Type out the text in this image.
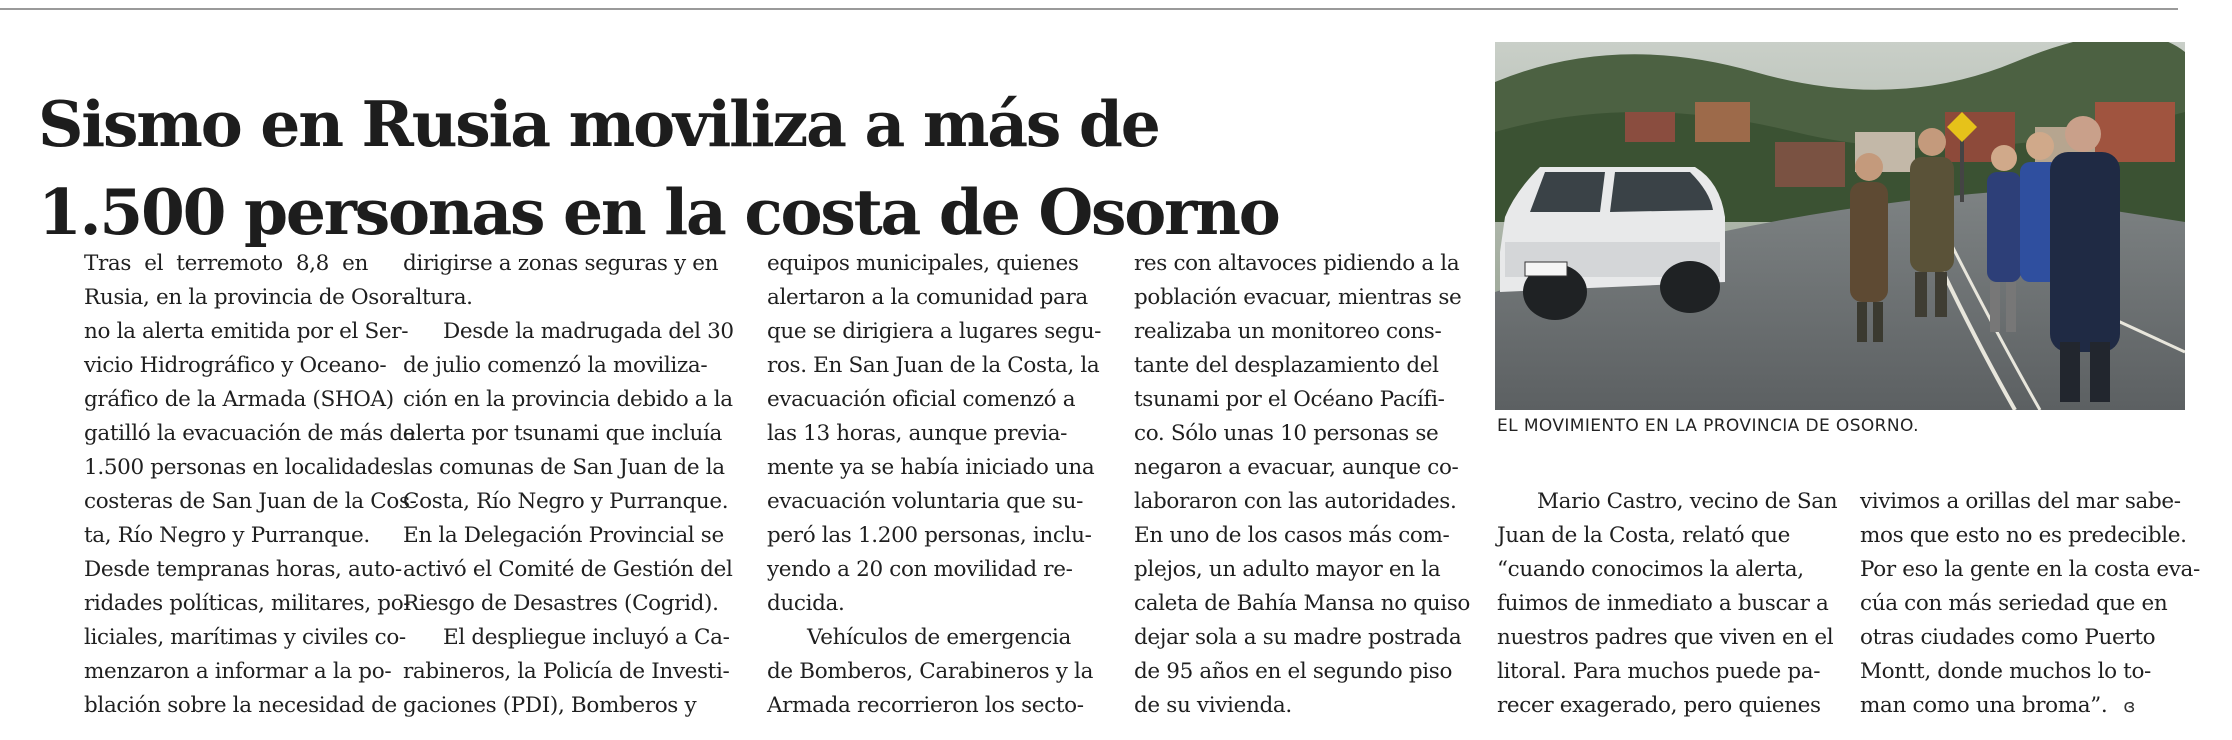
Sismo en Rusia moviliza a más de
1.500 personas en la costa de Osorno

Tras el terremoto 8,8 en
Rusia, en la provincia de Osor-
no la alerta emitida por el Ser-
vicio Hidrográfico y Oceano-
gráfico de la Armada (SHOA)
gatilló la evacuación de más de
1.500 personas en localidades
costeras de San Juan de la Cos-
ta, Río Negro y Purranque.
Desde tempranas horas, auto-
ridades políticas, militares, po-
liciales, marítimas y civiles co-
menzaron a informar a la po-
blación sobre la necesidad de

dirigirse a zonas seguras y en
altura.
Desde la madrugada del 30
de julio comenzó la moviliza-
ción en la provincia debido a la
alerta por tsunami que incluía
las comunas de San Juan de la
Costa, Río Negro y Purranque.
En la Delegación Provincial se
activó el Comité de Gestión del
Riesgo de Desastres (Cogrid).
El despliegue incluyó a Ca-
rabineros, la Policía de Investi-
gaciones (PDI), Bomberos y
equipos municipales, quienes
alertaron a la comunidad para
que se dirigiera a lugares segu-
ros. En San Juan de la Costa, la
evacuación oficial comenzó a
las 13 horas, aunque previa-
mente ya se había iniciado una
evacuación voluntaria que su-
peró las 1.200 personas, inclu-
yendo a 20 con movilidad re-
ducida.
Vehículos de emergencia
de Bomberos, Carabineros y la
Armada recorrieron los secto-
res con altavoces pidiendo a la
población evacuar, mientras se
realizaba un monitoreo cons-
tante del desplazamiento del
tsunami por el Océano Pacífi-
co. Sólo unas 10 personas se
negaron a evacuar, aunque co-
laboraron con las autoridades.
En uno de los casos más com-
plejos, un adulto mayor en la
caleta de Bahía Mansa no quiso
dejar sola a su madre postrada
de 95 años en el segundo piso
de su vivienda.
Mario Castro, vecino de San
Juan de la Costa, relató que
“cuando conocimos la alerta,
fuimos de inmediato a buscar a
nuestros padres que viven en el
litoral. Para muchos puede pa-
recer exagerado, pero quienes
vivimos a orillas del mar sabe-
mos que esto no es predecible.
Por eso la gente en la costa eva-
cúa con más seriedad que en
otras ciudades como Puerto
Montt, donde muchos lo to-
man como una broma”. ɞ
EL MOVIMIENTO EN LA PROVINCIA DE OSORNO.
